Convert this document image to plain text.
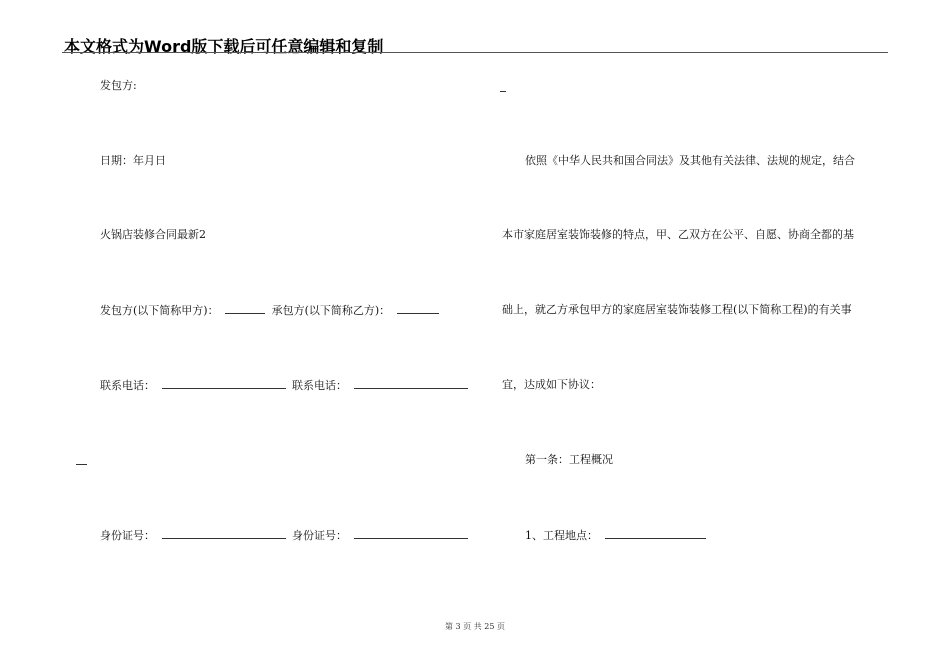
本文格式为Word版下载后可任意编辑和复制
发包方:
日期：年月日
火锅店装修合同最新2
发包方(以下简称甲方)：	承包方(以下简称乙方)：
联系电话：	联系电话：
身份证号：	身份证号：
依照《中华人民共和国合同法》及其他有关法律、法规的规定，结合
本市家庭居室装饰装修的特点，甲、乙双方在公平、自愿、协商全都的基
础上，就乙方承包甲方的家庭居室装饰装修工程(以下简称工程)的有关事
宜，达成如下协议：
第一条：工程概况
1、工程地点：
第 3 页 共 25 页
